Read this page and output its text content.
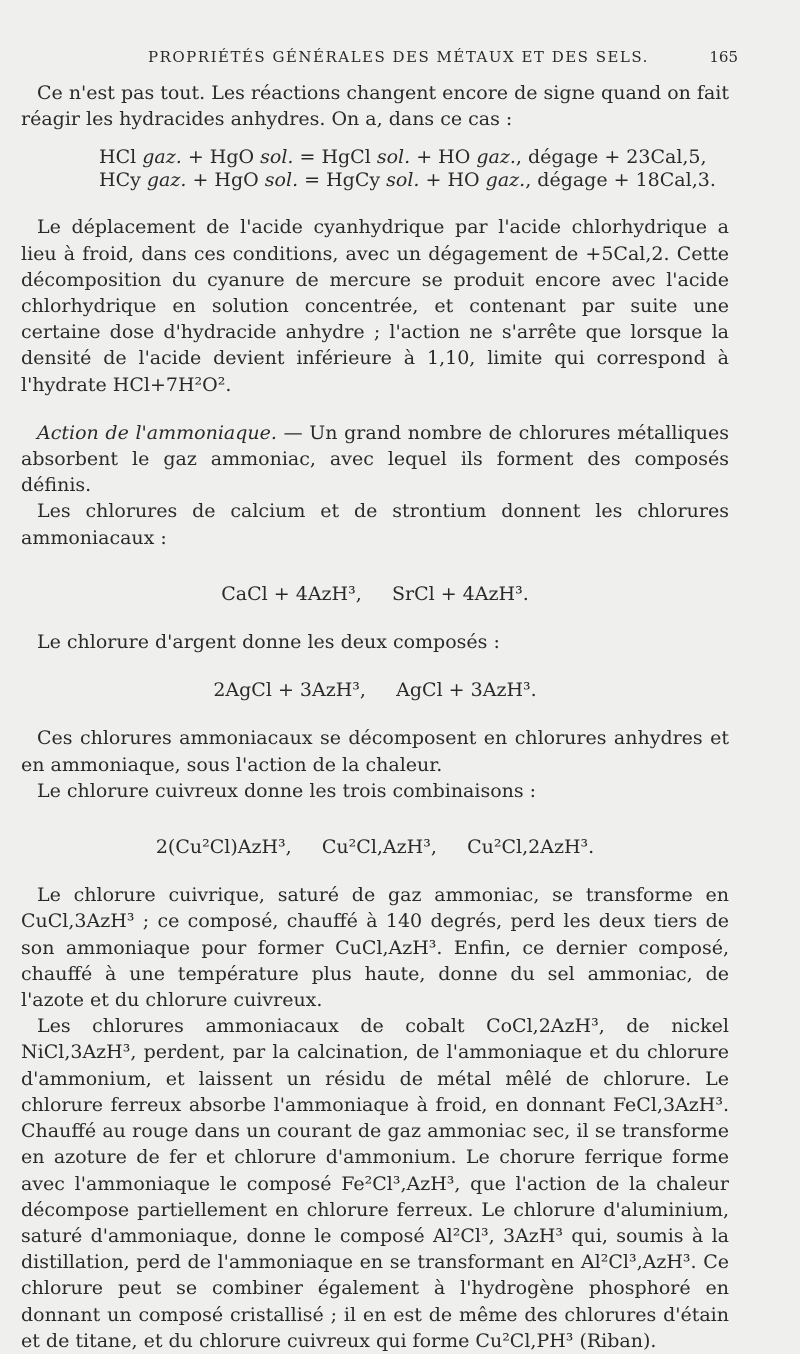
PROPRIÉTÉS GÉNÉRALES DES MÉTAUX ET DES SELS.	165

Ce n'est pas tout. Les réactions changent encore de signe quand on fait réagir les hydracides anhydres. On a, dans ce cas :

HCl gaz. + HgO sol. = HgCl sol. + HO gaz., dégage + 23Cal,5,

HCy gaz. + HgO sol. = HgCy sol. + HO gaz., dégage + 18Cal,3.

Le déplacement de l'acide cyanhydrique par l'acide chlorhydrique a lieu à froid, dans ces conditions, avec un dégagement de +5Cal,2. Cette décomposition du cyanure de mercure se produit encore avec l'acide chlorhydrique en solution concentrée, et contenant par suite une certaine dose d'hydracide anhydre ; l'action ne s'arrête que lorsque la densité de l'acide devient inférieure à 1,10, limite qui correspond à l'hydrate HCl+7H²O².

Action de l'ammoniaque. — Un grand nombre de chlorures métalliques absorbent le gaz ammoniac, avec lequel ils forment des composés définis.

Les chlorures de calcium et de strontium donnent les chlorures ammoniacaux :

CaCl + 4AzH³,     SrCl + 4AzH³.

Le chlorure d'argent donne les deux composés :

2AgCl + 3AzH³,     AgCl + 3AzH³.

Ces chlorures ammoniacaux se décomposent en chlorures anhydres et en ammoniaque, sous l'action de la chaleur.

Le chlorure cuivreux donne les trois combinaisons :

2(Cu²Cl)AzH³,     Cu²Cl,AzH³,     Cu²Cl,2AzH³.

Le chlorure cuivrique, saturé de gaz ammoniac, se transforme en CuCl,3AzH³ ; ce composé, chauffé à 140 degrés, perd les deux tiers de son ammoniaque pour former CuCl,AzH³. Enfin, ce dernier composé, chauffé à une température plus haute, donne du sel ammoniac, de l'azote et du chlorure cuivreux.

Les chlorures ammoniacaux de cobalt CoCl,2AzH³, de nickel NiCl,3AzH³, perdent, par la calcination, de l'ammoniaque et du chlorure d'ammonium, et laissent un résidu de métal mêlé de chlorure. Le chlorure ferreux absorbe l'ammoniaque à froid, en donnant FeCl,3AzH³. Chauffé au rouge dans un courant de gaz ammoniac sec, il se transforme en azoture de fer et chlorure d'ammonium. Le chorure ferrique forme avec l'ammoniaque le composé Fe²Cl³,AzH³, que l'action de la chaleur décompose partiellement en chlorure ferreux. Le chlorure d'aluminium, saturé d'ammoniaque, donne le composé Al²Cl³, 3AzH³ qui, soumis à la distillation, perd de l'ammoniaque en se transformant en Al²Cl³,AzH³. Ce chlorure peut se combiner également à l'hydrogène phosphoré en donnant un composé cristallisé ; il en est de même des chlorures d'étain et de titane, et du chlorure cuivreux qui forme Cu²Cl,PH³ (Riban).
